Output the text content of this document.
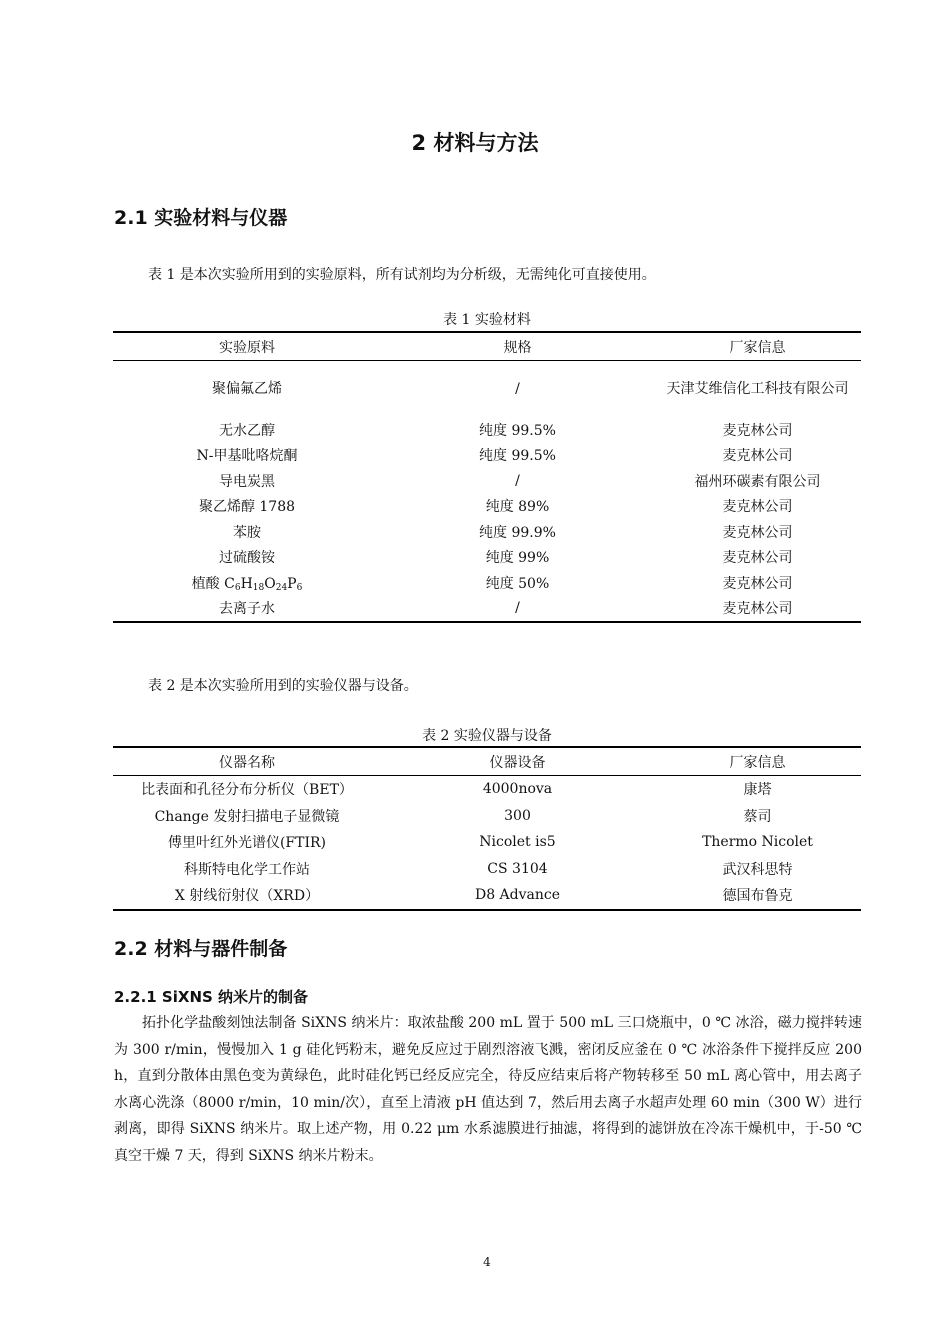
2 材料与方法
2.1 实验材料与仪器
表 1 是本次实验所用到的实验原料，所有试剂均为分析级，无需纯化可直接使用。
表 1 实验材料
实验原料	规格	厂家信息
聚偏氟乙烯	/	天津艾维信化工科技有限公司
无水乙醇	纯度 99.5%	麦克林公司
N-甲基吡咯烷酮	纯度 99.5%	麦克林公司
导电炭黑	/	福州环碳素有限公司
聚乙烯醇 1788	纯度 89%	麦克林公司
苯胺	纯度 99.9%	麦克林公司
过硫酸铵	纯度 99%	麦克林公司
植酸 $C_6H_{18}O_{24}P_6$	纯度 50%	麦克林公司
去离子水	/	麦克林公司
表 2 是本次实验所用到的实验仪器与设备。
表 2 实验仪器与设备
仪器名称	仪器设备	厂家信息
比表面和孔径分布分析仪（BET）	4000nova	康塔
Change 发射扫描电子显微镜	300	蔡司
傅里叶红外光谱仪(FTIR)	Nicolet is5	Thermo Nicolet
科斯特电化学工作站	CS 3104	武汉科思特
X 射线衍射仪（XRD）	D8 Advance	德国布鲁克
2.2 材料与器件制备
2.2.1 SiXNS 纳米片的制备
拓扑化学盐酸刻蚀法制备 SiXNS 纳米片：取浓盐酸 200 mL 置于 500 mL 三口烧瓶中，0 ℃ 冰浴，磁力搅拌转速为 300 r/min，慢慢加入 1 g 硅化钙粉末，避免反应过于剧烈溶液飞溅，密闭反应釜在 0 ℃ 冰浴条件下搅拌反应 200 h，直到分散体由黑色变为黄绿色，此时硅化钙已经反应完全，待反应结束后将产物转移至 50 mL 离心管中，用去离子水离心洗涤（8000 r/min，10 min/次），直至上清液 pH 值达到 7，然后用去离子水超声处理 60 min（300 W）进行剥离，即得 SiXNS 纳米片。取上述产物，用 0.22 μm 水系滤膜进行抽滤，将得到的滤饼放在冷冻干燥机中，于-50 ℃真空干燥 7 天，得到 SiXNS 纳米片粉末。
4
